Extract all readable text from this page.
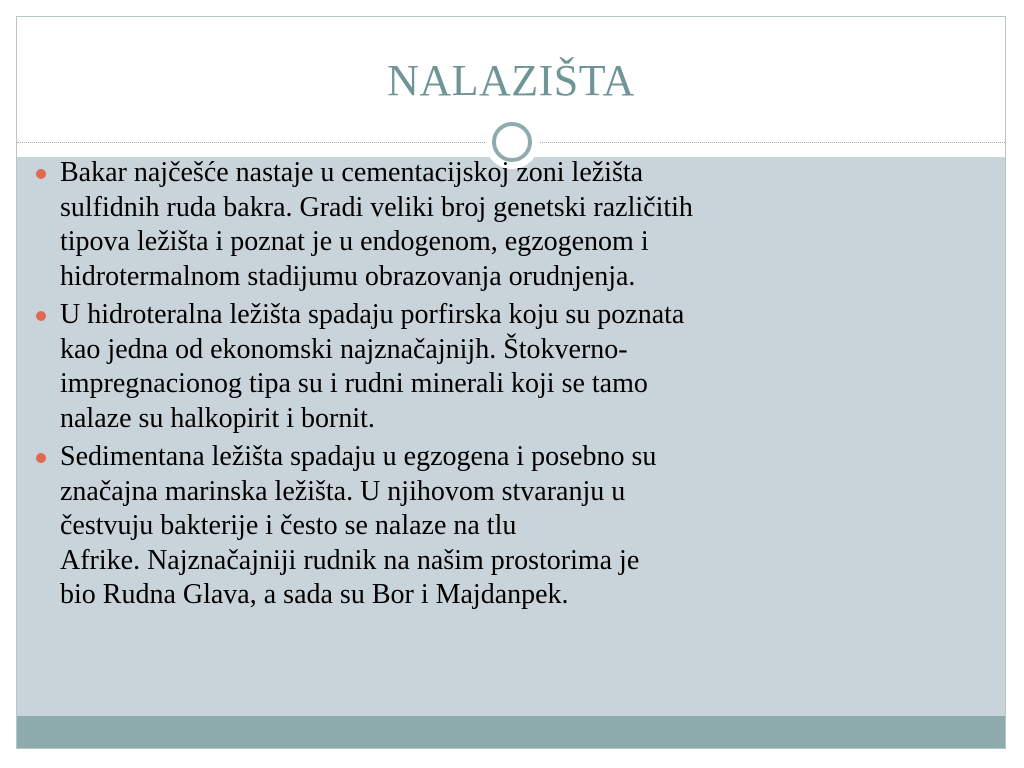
NALAZIŠTA
Bakar najčešće nastaje u cementacijskoj zoni ležišta
sulfidnih ruda bakra. Gradi veliki broj genetski različitih
tipova ležišta i poznat je u endogenom, egzogenom i
hidrotermalnom stadijumu obrazovanja orudnjenja.
U hidroteralna ležišta spadaju porfirska koju su poznata
kao jedna od ekonomski najznačajnijh. Štokverno-
impregnacionog tipa su i rudni minerali koji se tamo
nalaze su halkopirit i bornit.
Sedimentana ležišta spadaju u egzogena i posebno su
značajna marinska ležišta. U njihovom stvaranju u
čestvuju bakterije i često se nalaze na tlu
Afrike. Najznačajniji rudnik na našim prostorima je
bio Rudna Glava, a sada su Bor i Majdanpek.
